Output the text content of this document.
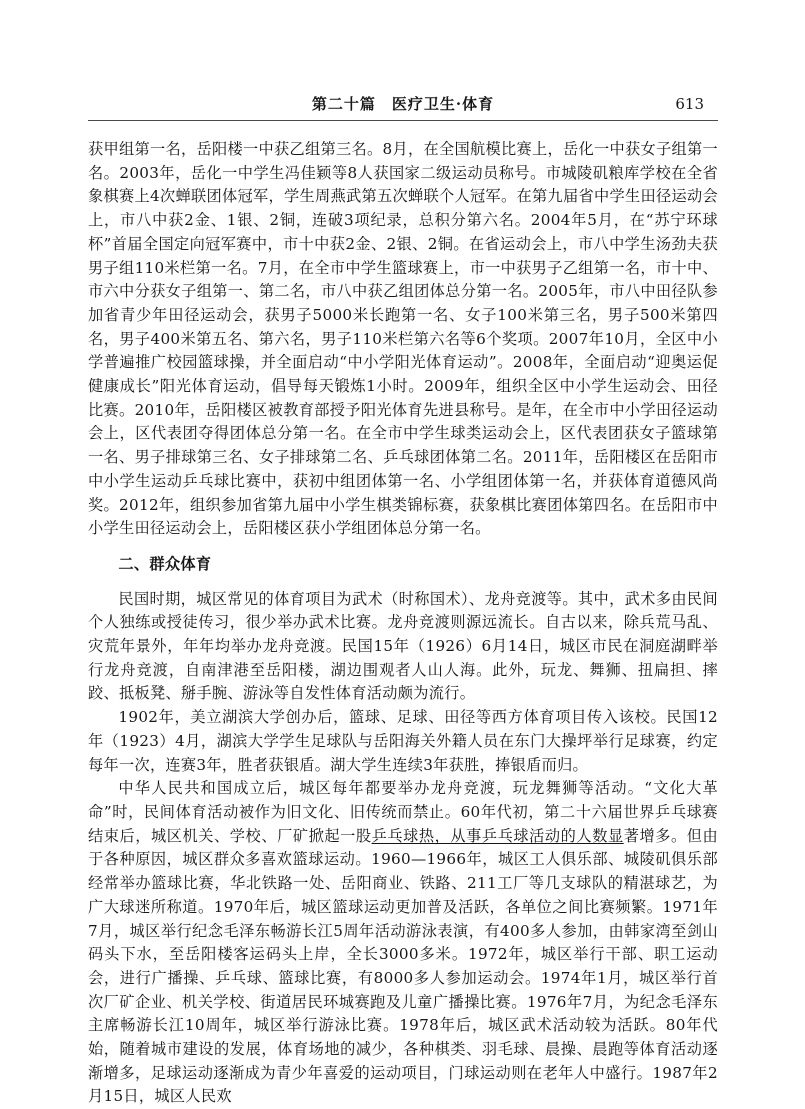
第二十篇　医疗卫生·体育	613

获甲组第一名，岳阳楼一中获乙组第三名。8月，在全国航模比赛上，岳化一中获女子组第一名。2003年，岳化一中学生冯佳颖等8人获国家二级运动员称号。市城陵矶粮库学校在全省象棋赛上4次蝉联团体冠军，学生周燕武第五次蝉联个人冠军。在第九届省中学生田径运动会上，市八中获2金、1银、2铜，连破3项纪录，总积分第六名。2004年5月，在“苏宁环球杯”首届全国定向冠军赛中，市十中获2金、2银、2铜。在省运动会上，市八中学生汤劲夫获男子组110米栏第一名。7月，在全市中学生篮球赛上，市一中获男子乙组第一名，市十中、市六中分获女子组第一、第二名，市八中获乙组团体总分第一名。2005年，市八中田径队参加省青少年田径运动会，获男子5000米长跑第一名、女子100米第三名，男子500米第四名，男子400米第五名、第六名，男子110米栏第六名等6个奖项。2007年10月，全区中小学普遍推广校园篮球操，并全面启动“中小学阳光体育运动”。2008年，全面启动“迎奥运促健康成长”阳光体育运动，倡导每天锻炼1小时。2009年，组织全区中小学生运动会、田径比赛。2010年，岳阳楼区被教育部授予阳光体育先进县称号。是年，在全市中小学田径运动会上，区代表团夺得团体总分第一名。在全市中学生球类运动会上，区代表团获女子篮球第一名、男子排球第三名、女子排球第二名、乒乓球团体第二名。2011年，岳阳楼区在岳阳市中小学生运动乒乓球比赛中，获初中组团体第一名、小学组团体第一名，并获体育道德风尚奖。2012年，组织参加省第九届中小学生棋类锦标赛，获象棋比赛团体第四名。在岳阳市中小学生田径运动会上，岳阳楼区获小学组团体总分第一名。

二、群众体育

民国时期，城区常见的体育项目为武术（时称国术）、龙舟竞渡等。其中，武术多由民间个人独练或授徒传习，很少举办武术比赛。龙舟竞渡则源远流长。自古以来，除兵荒马乱、灾荒年景外，年年均举办龙舟竞渡。民国15年（1926）6月14日，城区市民在洞庭湖畔举行龙舟竞渡，自南津港至岳阳楼，湖边围观者人山人海。此外，玩龙、舞狮、扭扁担、摔跤、抵板凳、掰手腕、游泳等自发性体育活动颇为流行。

1902年，美立湖滨大学创办后，篮球、足球、田径等西方体育项目传入该校。民国12年（1923）4月，湖滨大学学生足球队与岳阳海关外籍人员在东门大操坪举行足球赛，约定每年一次，连赛3年，胜者获银盾。湖大学生连续3年获胜，捧银盾而归。

中华人民共和国成立后，城区每年都要举办龙舟竞渡，玩龙舞狮等活动。“文化大革命”时，民间体育活动被作为旧文化、旧传统而禁止。60年代初，第二十六届世界乒乓球赛结束后，城区机关、学校、厂矿掀起一股乒乓球热，从事乒乓球活动的人数显著增多。但由于各种原因，城区群众多喜欢篮球运动。1960—1966年，城区工人俱乐部、城陵矶俱乐部经常举办篮球比赛，华北铁路一处、岳阳商业、铁路、211工厂等几支球队的精湛球艺，为广大球迷所称道。1970年后，城区篮球运动更加普及活跃，各单位之间比赛频繁。1971年7月，城区举行纪念毛泽东畅游长江5周年活动游泳表演，有400多人参加，由韩家湾至剑山码头下水，至岳阳楼客运码头上岸，全长3000多米。1972年，城区举行干部、职工运动会，进行广播操、乒乓球、篮球比赛，有8000多人参加运动会。1974年1月，城区举行首次厂矿企业、机关学校、街道居民环城赛跑及儿童广播操比赛。1976年7月，为纪念毛泽东主席畅游长江10周年，城区举行游泳比赛。1978年后，城区武术活动较为活跃。80年代始，随着城市建设的发展，体育场地的减少，各种棋类、羽毛球、晨操、晨跑等体育活动逐渐增多，足球运动逐渐成为青少年喜爱的运动项目，门球运动则在老年人中盛行。1987年2月15日，城区人民欢
